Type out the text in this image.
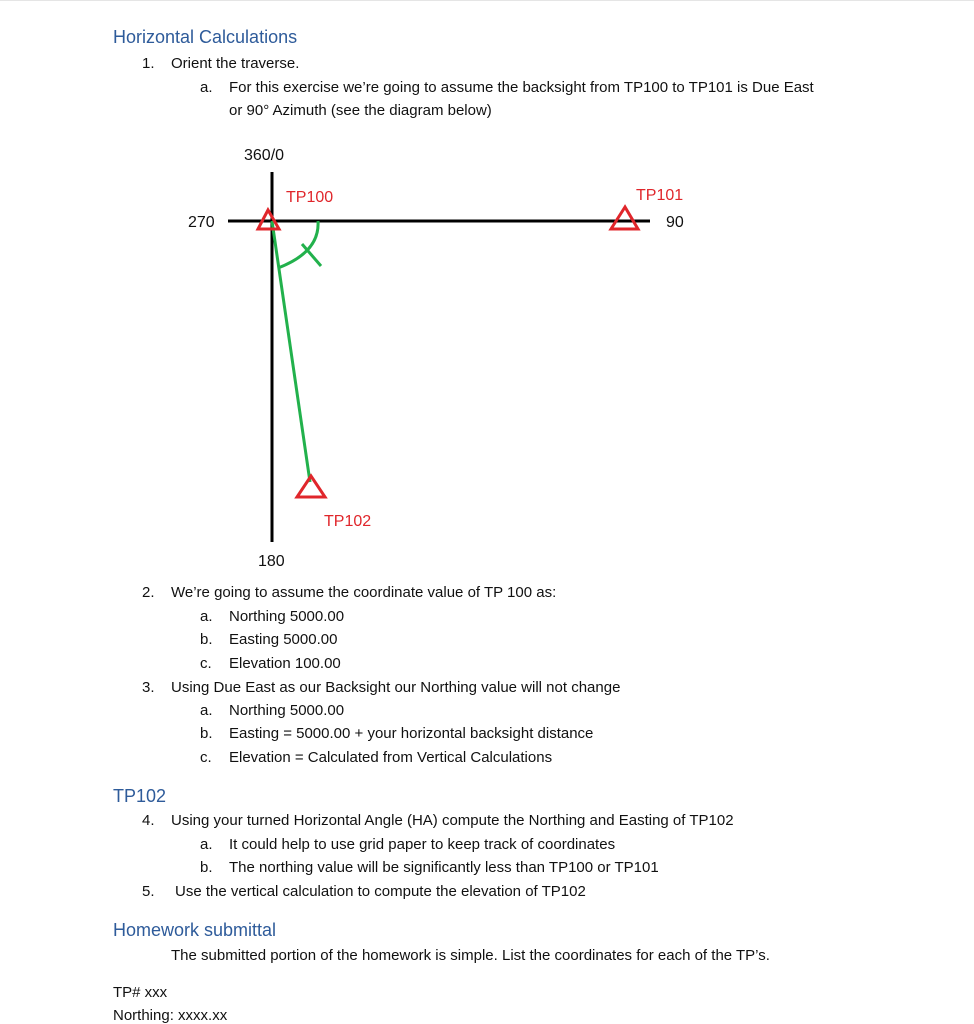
Horizontal Calculations
1. Orient the traverse.
a. For this exercise we’re going to assume the backsight from TP100 to TP101 is Due East
or 90° Azimuth (see the diagram below)
360/0
270	90
180
TP100	TP101
TP102
2. We’re going to assume the coordinate value of TP 100 as:
a. Northing 5000.00
b. Easting 5000.00
c. Elevation 100.00
3. Using Due East as our Backsight our Northing value will not change
a. Northing 5000.00
b. Easting = 5000.00 + your horizontal backsight distance
c. Elevation = Calculated from Vertical Calculations
TP102
4. Using your turned Horizontal Angle (HA) compute the Northing and Easting of TP102
a. It could help to use grid paper to keep track of coordinates
b. The northing value will be significantly less than TP100 or TP101
5. Use the vertical calculation to compute the elevation of TP102
Homework submittal
The submitted portion of the homework is simple. List the coordinates for each of the TP’s.
TP# xxx
Northing: xxxx.xx
